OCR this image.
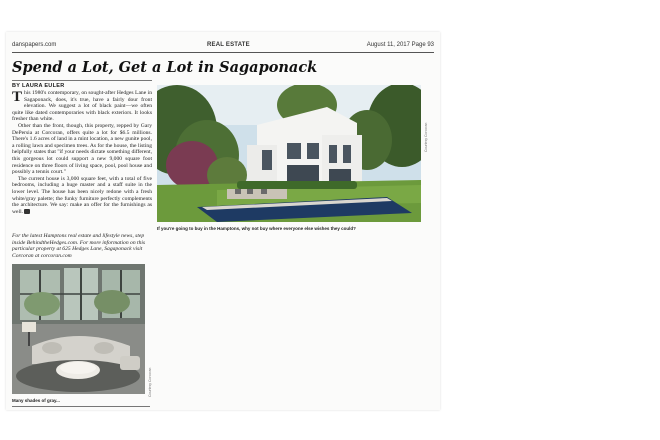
danspapers.com	REAL ESTATE	August 11, 2017 Page 93
Spend a Lot, Get a Lot in Sagaponack
BY LAURA EULER

This 1980's contemporary, on sought-after Hedges Lane in Sagaponack, does, it's true, have a fairly dour front elevation. We suggest a lot of black paint—we often quite like dated contemporaries with black exteriors. It looks fresher than white.

Other than the front, though, this property, repped by Gary DePersia at Corcoran, offers quite a lot for $6.5 millions. There's 1.6 acres of land in a mint location, a new gunite pool, a rolling lawn and specimen trees. As for the house, the listing helpfully states that "if your needs dictate something different, this gorgeous lot could support a new 9,000 square foot residence on three floors of living space, pool, pool house and possibly a tennis court."

The current house is 3,000 square feet, with a total of five bedrooms, including a huge master and a staff suite in the lower level. The house has been nicely redone with a fresh white/gray palette; the funky furniture perfectly complements the architecture. We say: make an offer for the furnishings as well.

For the latest Hamptons real estate and lifestyle news, step inside BehindtheHedges.com. For more information on this particular property at 625 Hedges Lane, Sagaponack visit Corcoran at corcoran.com
Courtesy Corcoran
If you're going to buy in the Hamptons, why not buy where everyone else wishes they could?
Courtesy Corcoran
Many shades of gray...
